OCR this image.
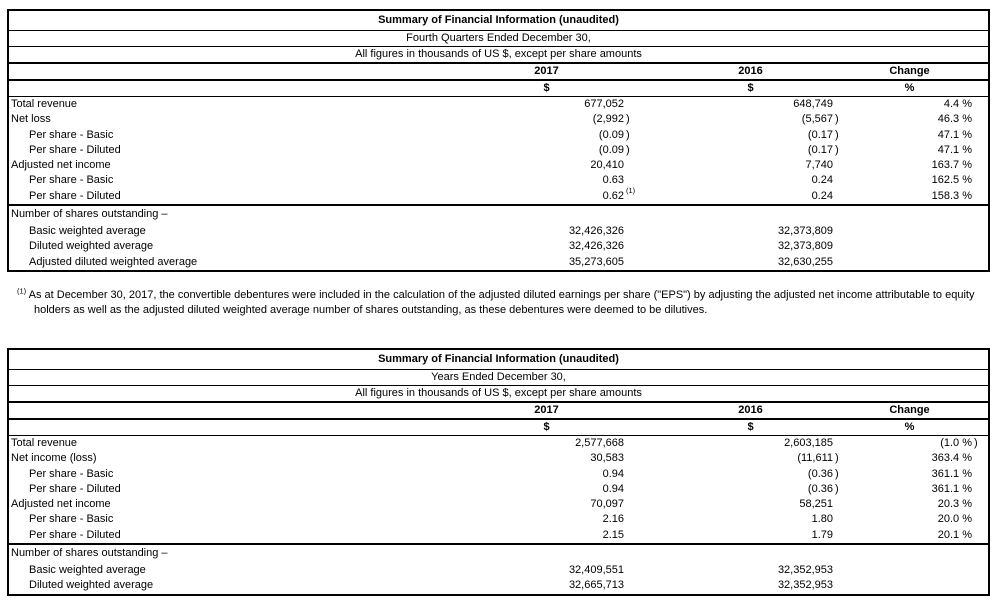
Summary of Financial Information (unaudited)
Fourth Quarters Ended December 30,
All figures in thousands of US $, except per share amounts
2017	2016	Change
$	$	%
Total revenue	677,052	648,749	4.4 %
Net loss	(2,992 )	(5,567 )	46.3 %
Per share - Basic	(0.09 )	(0.17 )	47.1 %
Per share - Diluted	(0.09 )	(0.17 )	47.1 %
Adjusted net income	20,410	7,740	163.7 %
Per share - Basic	0.63	0.24	162.5 %
Per share - Diluted	0.62 $^{(1)}$	0.24	158.3 %
Number of shares outstanding –
Basic weighted average	32,426,326	32,373,809
Diluted weighted average	32,426,326	32,373,809
Adjusted diluted weighted average	35,273,605	32,630,255

$^{(1)}$ As at December 30, 2017, the convertible debentures were included in the calculation of the adjusted diluted earnings per share ("EPS") by adjusting the adjusted net income attributable to equity holders as well as the adjusted diluted weighted average number of shares outstanding, as these debentures were deemed to be dilutives.

Summary of Financial Information (unaudited)
Years Ended December 30,
All figures in thousands of US $, except per share amounts
2017	2016	Change
$	$	%
Total revenue	2,577,668	2,603,185	(1.0 % )
Net income (loss)	30,583	(11,611 )	363.4 %
Per share - Basic	0.94	(0.36 )	361.1 %
Per share - Diluted	0.94	(0.36 )	361.1 %
Adjusted net income	70,097	58,251	20.3 %
Per share - Basic	2.16	1.80	20.0 %
Per share - Diluted	2.15	1.79	20.1 %
Number of shares outstanding –
Basic weighted average	32,409,551	32,352,953
Diluted weighted average	32,665,713	32,352,953
